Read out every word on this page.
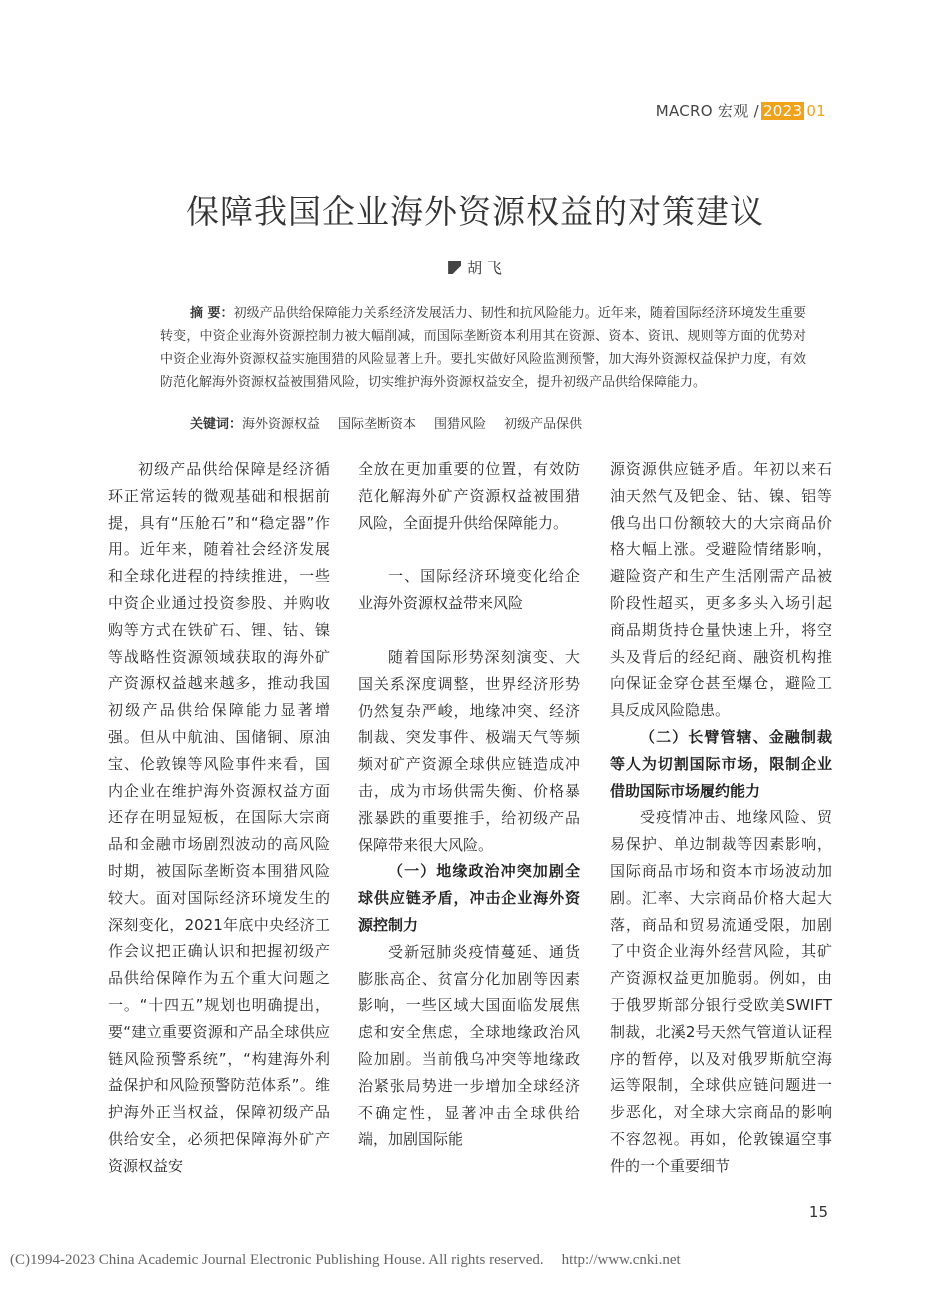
MACRO 宏观 / 2023 01
保障我国企业海外资源权益的对策建议
胡 飞
摘 要：初级产品供给保障能力关系经济发展活力、韧性和抗风险能力。近年来，随着国际经济环境发生重要转变，中资企业海外资源控制力被大幅削减，而国际垄断资本利用其在资源、资本、资讯、规则等方面的优势对中资企业海外资源权益实施围猎的风险显著上升。要扎实做好风险监测预警，加大海外资源权益保护力度，有效防范化解海外资源权益被围猎风险，切实维护海外资源权益安全，提升初级产品供给保障能力。
关键词：海外资源权益 国际垄断资本 围猎风险 初级产品保供

初级产品供给保障是经济循环正常运转的微观基础和根据前提，具有“压舱石”和“稳定器”作用。近年来，随着社会经济发展和全球化进程的持续推进，一些中资企业通过投资参股、并购收购等方式在铁矿石、锂、钴、镍等战略性资源领域获取的海外矿产资源权益越来越多，推动我国初级产品供给保障能力显著增强。但从中航油、国储铜、原油宝、伦敦镍等风险事件来看，国内企业在维护海外资源权益方面还存在明显短板，在国际大宗商品和金融市场剧烈波动的高风险时期，被国际垄断资本围猎风险较大。面对国际经济环境发生的深刻变化，2021年底中央经济工作会议把正确认识和把握初级产品供给保障作为五个重大问题之一。“十四五”规划也明确提出，要“建立重要资源和产品全球供应链风险预警系统”，“构建海外利益保护和风险预警防范体系”。维护海外正当权益，保障初级产品供给安全，必须把保障海外矿产资源权益安

全放在更加重要的位置，有效防范化解海外矿产资源权益被围猎风险，全面提升供给保障能力。

一、国际经济环境变化给企业海外资源权益带来风险

随着国际形势深刻演变、大国关系深度调整，世界经济形势仍然复杂严峻，地缘冲突、经济制裁、突发事件、极端天气等频频对矿产资源全球供应链造成冲击，成为市场供需失衡、价格暴涨暴跌的重要推手，给初级产品保障带来很大风险。

（一）地缘政治冲突加剧全球供应链矛盾，冲击企业海外资源控制力

受新冠肺炎疫情蔓延、通货膨胀高企、贫富分化加剧等因素影响，一些区域大国面临发展焦虑和安全焦虑，全球地缘政治风险加剧。当前俄乌冲突等地缘政治紧张局势进一步增加全球经济不确定性，显著冲击全球供给端，加剧国际能

源资源供应链矛盾。年初以来石油天然气及钯金、钴、镍、铝等俄乌出口份额较大的大宗商品价格大幅上涨。受避险情绪影响，避险资产和生产生活刚需产品被阶段性超买，更多多头入场引起商品期货持仓量快速上升，将空头及背后的经纪商、融资机构推向保证金穿仓甚至爆仓，避险工具反成风险隐患。

（二）长臂管辖、金融制裁等人为切割国际市场，限制企业借助国际市场履约能力

受疫情冲击、地缘风险、贸易保护、单边制裁等因素影响，国际商品市场和资本市场波动加剧。汇率、大宗商品价格大起大落，商品和贸易流通受限，加剧了中资企业海外经营风险，其矿产资源权益更加脆弱。例如，由于俄罗斯部分银行受欧美SWIFT制裁，北溪2号天然气管道认证程序的暂停，以及对俄罗斯航空海运等限制，全球供应链问题进一步恶化，对全球大宗商品的影响不容忽视。再如，伦敦镍逼空事件的一个重要细节

15
(C)1994-2023 China Academic Journal Electronic Publishing House. All rights reserved. http://www.cnki.net
